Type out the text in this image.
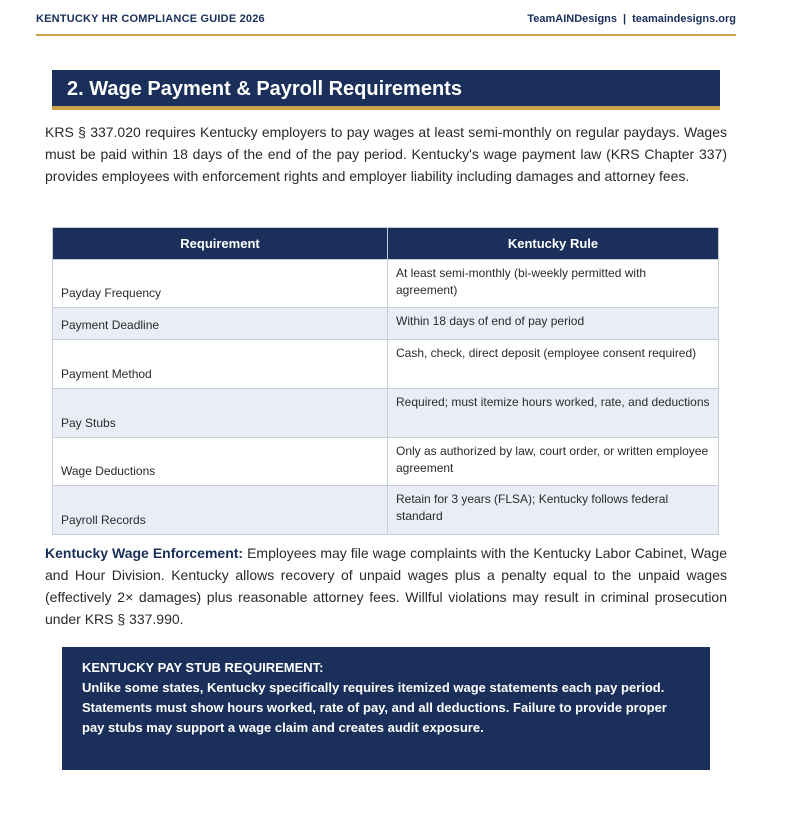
KENTUCKY HR COMPLIANCE GUIDE 2026	TeamAINDesigns | teamaindesigns.org
2. Wage Payment & Payroll Requirements

KRS § 337.020 requires Kentucky employers to pay wages at least semi-monthly on regular paydays. Wages must be paid within 18 days of the end of the pay period. Kentucky's wage payment law (KRS Chapter 337) provides employees with enforcement rights and employer liability including damages and attorney fees.

Requirement	Kentucky Rule
Payday Frequency	At least semi-monthly (bi-weekly permitted with agreement)
Payment Deadline	Within 18 days of end of pay period
Payment Method	Cash, check, direct deposit (employee consent required)
Pay Stubs	Required; must itemize hours worked, rate, and deductions
Wage Deductions	Only as authorized by law, court order, or written employee agreement
Payroll Records	Retain for 3 years (FLSA); Kentucky follows federal standard

Kentucky Wage Enforcement: Employees may file wage complaints with the Kentucky Labor Cabinet, Wage and Hour Division. Kentucky allows recovery of unpaid wages plus a penalty equal to the unpaid wages (effectively 2× damages) plus reasonable attorney fees. Willful violations may result in criminal prosecution under KRS § 337.990.

KENTUCKY PAY STUB REQUIREMENT:
Unlike some states, Kentucky specifically requires itemized wage statements each pay period.
Statements must show hours worked, rate of pay, and all deductions. Failure to provide proper pay stubs may support a wage claim and creates audit exposure.
